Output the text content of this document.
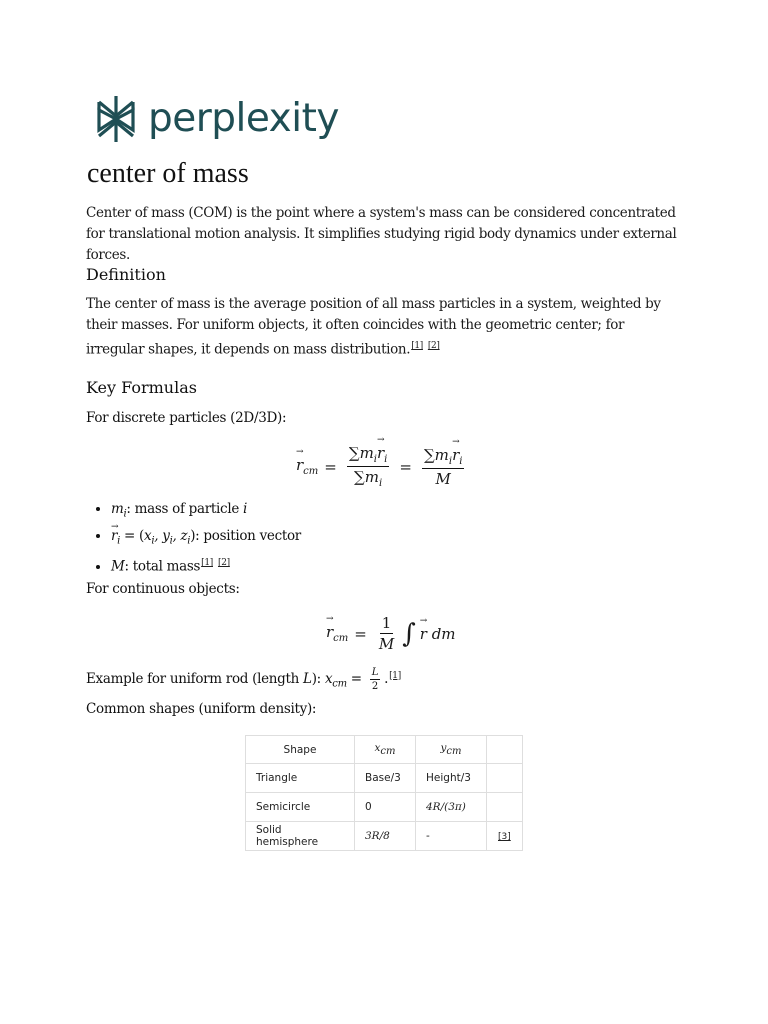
perplexity
center of mass

Center of mass (COM) is the point where a system's mass can be considered concentrated for translational motion analysis. It simplifies studying rigid body dynamics under external forces.

Definition

The center of mass is the average position of all mass particles in a system, weighted by their masses. For uniform objects, it often coincides with the geometric center; for irregular shapes, it depends on mass distribution.[1] [2]

Key Formulas
For discrete particles (2D/3D):
→ $r_{cm} = \frac{\sum m_i\to r_i}{\sum m_i} = \frac{\sum m_i\to r_i}{M}$
• $m_i$: mass of particle i
• → $r_i = (x_i$, $y_i$, $z_i$): position vector
• M: total mass[1] [2]
For continuous objects:
→ $r_{cm} = \frac{1}{M}$ ∫ → r dm
Example for uniform rod (length L): $x_{cm} = \frac{L}{2} .[1]$
Common shapes (uniform density):
Shape	$x_{cm}$	$y_{cm}$	
Triangle	Base/3	Height/3	
Semicircle	0	4R/(3π)	
Solid hemisphere	3R/8	-	[3]
